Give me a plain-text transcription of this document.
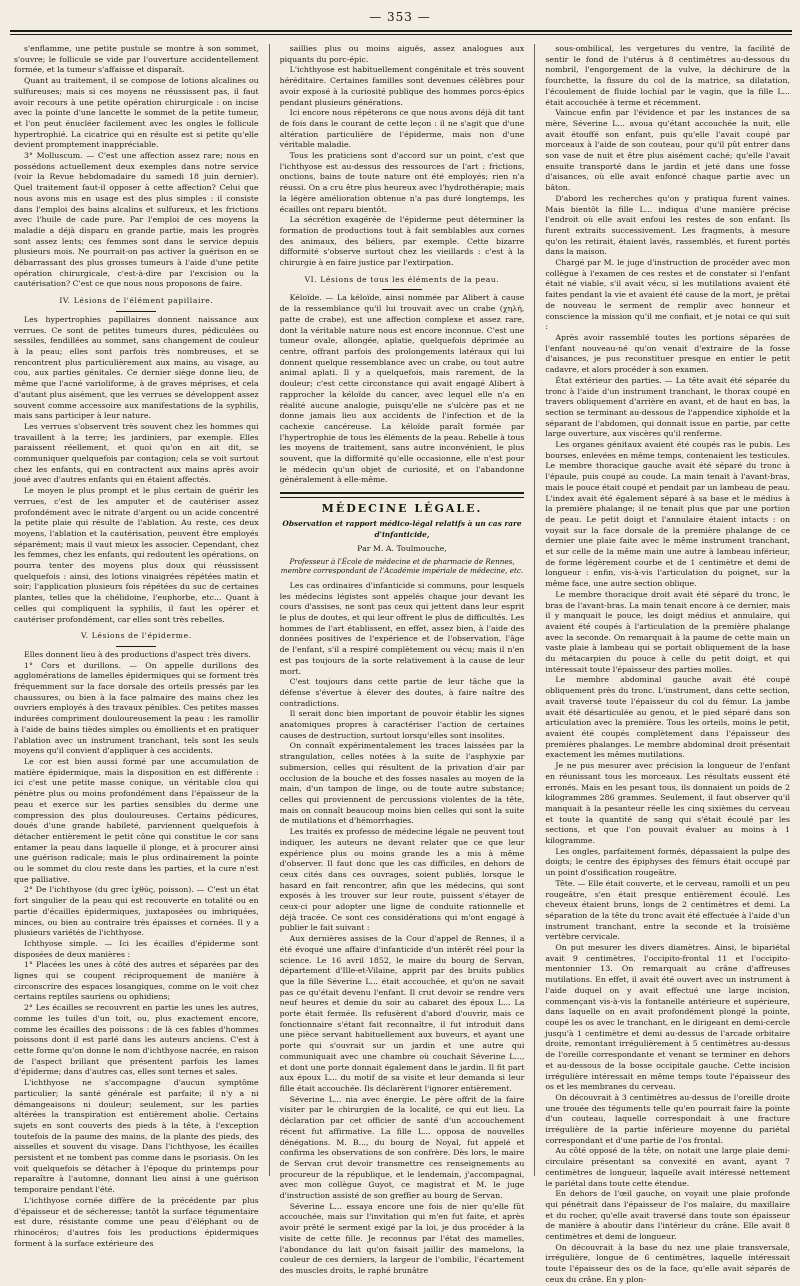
— 353 —

s'enflamme, une petite pustule se montre à son sommet, s'ouvre; le follicule se vide par l'ouverture accidentellement formée, et la tumeur s'affaisse et disparaît.

Quant au traitement, il se compose de lotions alcalines ou sulfureuses; mais si ces moyens ne réussissent pas, il faut avoir recours à une petite opération chirurgicale : on incise avec la pointe d'une lancette le sommet de la petite tumeur, et l'on peut énucléer facilement avec les ongles le follicule hypertrophié. La cicatrice qui en résulte est si petite qu'elle devient promptement inappréciable.

3° Molluscum. — C'est une affection assez rare; nous en possédons actuellement deux exemples dans notre service (voir la Revue hebdomadaire du samedi 18 juin dernier). Quel traitement faut-il opposer à cette affection? Celui que nous avons mis en usage est des plus simples : il consiste dans l'emploi des bains alcalins et sulfureux, et les frictions avec l'huile de cade pure. Par l'emploi de ces moyens la maladie a déjà disparu en grande partie, mais les progrès sont assez lents; ces femmes sont dans le service depuis plusieurs mois. Ne pourrait-on pas activer la guérison en se débarrassant des plus grosses tumeurs à l'aide d'une petite opération chirurgicale, c'est-à-dire par l'excision ou la cautérisation? C'est ce que nous nous proposons de faire.

IV. Lésions de l'élément papillaire.

Les hypertrophies papillaires donnent naissance aux verrues. Ce sont de petites tumeurs dures, pédiculées ou sessiles, fendillées au sommet, sans changement de couleur à la peau; elles sont parfois très nombreuses, et se rencontrent plus particulièrement aux mains, au visage, au cou, aux parties génitales. Ce dernier siège donne lieu, de même que l'acné varioliforme, à de graves méprises, et cela d'autant plus aisément, que les verrues se développent assez souvent comme accessoire aux manifestations de la syphilis, mais sans participer à leur nature.

Les verrues s'observent très souvent chez les hommes qui travaillent à la terre; les jardiniers, par exemple. Elles paraissent réellement, et quoi qu'on en ait dit, se communiquer quelquefois par contagion; cela se voit surtout chez les enfants, qui en contractent aux mains après avoir joué avec d'autres enfants qui en étaient affectés.

Le moyen le plus prompt et le plus certain de guérir les verrues, c'est de les amputer et de cautériser assez profondément avec le nitrate d'argent ou un acide concentré la petite plaie qui résulte de l'ablation. Au reste, ces deux moyens, l'ablation et la cautérisation, peuvent être employés séparément; mais il vaut mieux les associer. Cependant, chez les femmes, chez les enfants, qui redoutent les opérations, on pourra tenter des moyens plus doux qui réussissent quelquefois : ainsi, des lotions vinaigrées répétées matin et soir; l'application plusieurs fois répétées du suc de certaines plantes, telles que la chélidoine, l'euphorbe, etc... Quant à celles qui compliquent la syphilis, il faut les opérer et cautériser profondément, car elles sont très rebelles.

V. Lésions de l'épiderme.

Elles donnent lieu à des productions d'aspect très divers.

1° Cors et durillons. — On appelle durillons des agglomérations de lamelles épidermiques qui se forment très fréquemment sur la face dorsale des orteils pressés par les chaussures, ou bien à la face palmaire des mains chez les ouvriers employés à des travaux pénibles. Ces petites masses indurées compriment douloureusement la peau : les ramollir à l'aide de bains tièdes simples ou émollients et en pratiquer l'ablation avec un instrument tranchant, tels sont les seuls moyens qu'il convient d'appliquer à ces accidents.

Le cor est bien aussi formé par une accumulation de matière épidermique, mais la disposition en est différente : ici c'est une petite masse conique, un véritable clou qui pénètre plus ou moins profondément dans l'épaisseur de la peau et exerce sur les parties sensibles du derme une compression des plus douloureuses. Certains pédicures, doués d'une grande habileté, parviennent quelquefois à détacher entièrement le petit cône qui constitue le cor sans entamer la peau dans laquelle il plonge, et à procurer ainsi une guérison radicale; mais le plus ordinairement la pointe ou le sommet du clou reste dans les parties, et la cure n'est que palliative.

2° De l'ichthyose (du grec ἰχθύς, poisson). — C'est un état fort singulier de la peau qui est recouverte en totalité ou en partie d'écailles épidermiques, juxtaposées ou imbriquées, minces, ou bien au contraire très épaisses et cornées. Il y a plusieurs variétés de l'ichthyose.

Ichthyose simple. — Ici les écailles d'épiderme sont disposées de deux manières :

1° Placées les unes à côté des autres et séparées par des lignes qui se coupent réciproquement de manière à circonscrire des espaces losangiques, comme on le voit chez certains reptiles sauriens ou ophidiens;

2° Les écailles se recouvrent en partie les unes les autres, comme les tuiles d'un toit, ou, plus exactement encore, comme les écailles des poissons : de là ces fables d'hommes poissons dont il est parlé dans les auteurs anciens. C'est à cette forme qu'on donne le nom d'ichthyose nacrée, en raison de l'aspect brillant que présentent parfois les lames d'épiderme; dans d'autres cas, elles sont ternes et sales.

L'ichthyose ne s'accompagne d'aucun symptôme particulier; la santé générale est parfaite; il n'y a ni démangeaisons ni douleur; seulement, sur les parties altérées la transpiration est entièrement abolie. Certains sujets en sont couverts des pieds à la tête, à l'exception toutefois de la paume des mains, de la plante des pieds, des aisselles et souvent du visage. Dans l'ichthyose, les écailles persistent et ne tombent pas comme dans le psoriasis. On les voit quelquefois se détacher à l'époque du printemps pour reparaître à l'automne, donnant lieu ainsi à une guérison temporaire pendant l'été.

L'ichthyose cornée diffère de la précédente par plus d'épaisseur et de sécheresse; tantôt la surface tégumentaire est dure, résistante comme une peau d'éléphant ou de rhinocéros; d'autres fois les productions épidermiques forment à la surface extérieure des

saillies plus ou moins aiguës, assez analogues aux piquants du porc-épic.

L'ichthyose est habituellement congénitale et très souvent héréditaire. Certaines familles sont devenues célèbres pour avoir exposé à la curiosité publique des hommes porcs-épics pendant plusieurs générations.

Ici encore nous répéterons ce que nous avons déjà dit tant de fois dans le courant de cette leçon : il ne s'agit que d'une altération particulière de l'épiderme, mais non d'une véritable maladie.

Tous les praticiens sont d'accord sur un point, c'est que l'ichthyose est au-dessus des ressources de l'art : frictions, onctions, bains de toute nature ont été employés; rien n'a réussi. On a cru être plus heureux avec l'hydrothérapie; mais la légère amélioration obtenue n'a pas duré longtemps, les écailles ont reparu bientôt.

La sécrétion exagérée de l'épiderme peut déterminer la formation de productions tout à fait semblables aux cornes des animaux, des béliers, par exemple. Cette bizarre difformité s'observe surtout chez les vieillards : c'est à la chirurgie à en faire justice par l'extirpation.

VI. Lésions de tous les éléments de la peau.

Kéloïde. — La kéloïde, ainsi nommée par Alibert à cause de la ressemblance qu'il lui trouvait avec un crabe (χηλή, patte de crabe), est une affection complexe et assez rare, dont la véritable nature nous est encore inconnue. C'est une tumeur ovale, allongée, aplatie, quelquefois déprimée au centre, offrant parfois des prolongements latéraux qui lui donnent quelque ressemblance avec un crabe, ou tout autre animal aplati. Il y a quelquefois, mais rarement, de la douleur; c'est cette circonstance qui avait engagé Alibert à rapprocher la kéloïde du cancer, avec lequel elle n'a en réalité aucune analogie, puisqu'elle ne s'ulcère pas et ne donne jamais lieu aux accidents de l'infection et de la cachexie cancéreuse. La kéloïde paraît formée par l'hypertrophie de tous les éléments de la peau. Rebelle à tous les moyens de traitement, sans autre inconvénient, le plus souvent, que la difformité qu'elle occasionne, elle n'est pour le médecin qu'un objet de curiosité, et on l'abandonne généralement à elle-même.

MÉDECINE LÉGALE.
Observation et rapport médico-légal relatifs à un cas rare d'infanticide,
Par M. A. Toulmouche,
Professeur à l'École de médecine et de pharmacie de Rennes, membre correspondant de l'Académie impériale de médecine, etc.

Les cas ordinaires d'infanticide si communs, pour lesquels les médecins légistes sont appelés chaque jour devant les cours d'assises, ne sont pas ceux qui jettent dans leur esprit le plus de doutes, et qui leur offrent le plus de difficultés. Les hommes de l'art établissent, en effet, assez bien, à l'aide des données positives de l'expérience et de l'observation, l'âge de l'enfant, s'il a respiré complètement ou vécu; mais il n'en est pas toujours de la sorte relativement à la cause de leur mort.

C'est toujours dans cette partie de leur tâche que la défense s'évertue à élever des doutes, à faire naître des contradictions.

Il serait donc bien important de pouvoir établir les signes anatomiques propres à caractériser l'action de certaines causes de destruction, surtout lorsqu'elles sont insolites.

On connaît expérimentalement les traces laissées par la strangulation, celles notées à la suite de l'asphyxie par submersion, celles qui résultent de la privation d'air par occlusion de la bouche et des fosses nasales au moyen de la main, d'un tampon de linge, ou de toute autre substance; celles qui proviennent de percussions violentes de la tête, mais on connaît beaucoup moins bien celles qui sont la suite de mutilations et d'hémorrhagies.

Les traités ex professo de médecine légale ne peuvent tout indiquer, les auteurs ne devant relater que ce que leur expérience plus ou moins grande les a mis à même d'observer. Il faut donc que les cas difficiles, en dehors de ceux cités dans ces ouvrages, soient publiés, lorsque le hasard en fait rencontrer, afin que les médecins, qui sont exposés à les trouver sur leur route, puissent s'étayer de ceux-ci pour adopter une ligne de conduite rationnelle et déjà tracée. Ce sont ces considérations qui m'ont engagé à publier le fait suivant :

Aux dernières assises de la Cour d'appel de Rennes, il a été évoqué une affaire d'infanticide d'un intérêt réel pour la science. Le 16 avril 1852, le maire du bourg de Servan, département d'Ille-et-Vilaine, apprit par des bruits publics que la fille Séverine L... était accouchée, et qu'on ne savait pas ce qu'était devenu l'enfant. Il crut devoir se rendre vers neuf heures et demie du soir au cabaret des époux L... La porte était fermée. Ils refusèrent d'abord d'ouvrir, mais ce fonctionnaire s'étant fait reconnaître, il fut introduit dans une pièce servant habituellement aux buveurs, et ayant une porte qui s'ouvrait sur un jardin et une autre qui communiquait avec une chambre où couchait Séverine L..., et dont une porte donnait également dans le jardin. Il fit part aux époux L... du motif de sa visite et leur demanda si leur fille était accouchée. Ils déclarèrent l'ignorer entièrement.

Séverine L... nia avec énergie. Le père offrit de la faire visiter par le chirurgien de la localité, ce qui eut lieu. La déclaration par cet officier de santé d'un accouchement récent fut affirmative. La fille L... opposa de nouvelles dénégations. M. B..., du bourg de Noyal, fut appelé et confirma les observations de son confrère. Dès lors, le maire de Servan crut devoir transmettre ces renseignements au procureur de la république, et le lendemain, j'accompagnai, avec mon collègue Guyot, ce magistrat et M. le juge d'instruction assisté de son greffier au bourg de Servan.

Séverine L... essaya encore une fois de nier qu'elle fût accouchée, mais sur l'invitation qui m'en fut faite, et après avoir prêté le serment exigé par la loi, je dus procéder à la visite de cette fille. Je reconnus par l'état des mamelles, l'abondance du lait qu'on faisait jaillir des mamelons, la couleur de ces derniers, la largeur de l'ombilic, l'écartement des muscles droits, le raphé brunâtre

sous-ombilical, les vergetures du ventre, la facilité de sentir le fond de l'utérus à 8 centimètres au-dessous du nombril, l'engorgement de la vulve, la déchirure de la fourchette, la fissure du col de la matrice, sa dilatation, l'écoulement de fluide lochial par le vagin, que la fille L... était accouchée à terme et récemment.

Vaincue enfin par l'évidence et par les instances de sa mère, Séverine L... avoua qu'étant accouchée la nuit, elle avait étouffé son enfant, puis qu'elle l'avait coupé par morceaux à l'aide de son couteau, pour qu'il pût entrer dans son vase de nuit et être plus aisément caché; qu'elle l'avait ensuite transporté dans le jardin et jeté dans une fosse d'aisances, où elle avait enfoncé chaque partie avec un bâton.

D'abord les recherches qu'on y pratiqua furent vaines. Mais bientôt la fille L... indiqua d'une manière précise l'endroit où elle avait enfoui les restes de son enfant. Ils furent extraits successivement. Les fragments, à mesure qu'on les retirait, étaient lavés, rassemblés, et furent portés dans la maison.

Chargé par M. le juge d'instruction de procéder avec mon collègue à l'examen de ces restes et de constater si l'enfant était né viable, s'il avait vécu, si les mutilations avaient été faites pendant la vie et avaient été cause de la mort, je prêtai de nouveau le serment de remplir avec honneur et conscience la mission qu'il me confiait, et je notai ce qui suit :

Après avoir rassemblé toutes les portions séparées de l'enfant nouveau-né qu'on venait d'extraire de la fosse d'aisances, je pus reconstituer presque en entier le petit cadavre, et alors procéder à son examen.

État extérieur des parties. — La tête avait été séparée du tronc à l'aide d'un instrument tranchant, le thorax coupé en travers obliquement d'arrière en avant, et de haut en bas, la section se terminant au-dessous de l'appendice xiphoïde et la séparant de l'abdomen, qui donnait issue en partie, par cette large ouverture, aux viscères qu'il renferme.

Les organes génitaux avaient été coupés ras le pubis. Les bourses, enlevées en même temps, contenaient les testicules. Le membre thoracique gauche avait été séparé du tronc à l'épaule, puis coupé au coude. La main tenait à l'avant-bras, mais le pouce était coupé et pendait par un lambeau de peau. L'index avait été également séparé à sa base et le médius à la première phalange; il ne tenait plus que par une portion de peau. Le petit doigt et l'annulaire étaient intacts : on voyait sur la face dorsale de la première phalange de ce dernier une plaie faite avec le même instrument tranchant, et sur celle de la même main une autre à lambeau inférieur, de forme légèrement courbe et de 1 centimètre et demi de longueur : enfin, vis-à-vis l'articulation du poignet, sur la même face, une autre section oblique.

Le membre thoracique droit avait été séparé du tronc, le bras de l'avant-bras. La main tenait encore à ce dernier, mais il y manquait le pouce, les doigt médius et annulaire, qui avaient été coupés à l'articulation de la première phalange avec la seconde. On remarquait à la paume de cette main un vaste plaie à lambeau qui se portait obliquement de la base du métacarpien du pouce à celle du petit doigt, et qui intéressait toute l'épaisseur des parties molles.

Le membre abdominal gauche avait été coupé obliquement près du tronc. L'instrument, dans cette section, avait traversé toute l'épaisseur du col du fémur. La jambe avait été désarticulée au genou, et le pied séparé dans son articulation avec la première. Tous les orteils, moins le petit, avaient été coupés complètement dans l'épaisseur des premières phalanges. Le membre abdominal droit présentait exactement les mêmes mutilations.

Je ne pus mesurer avec précision la longueur de l'enfant en réunissant tous les morceaux. Les résultats eussent été erronés. Mais en les pesant tous, ils donnaient un poids de 2 kilogrammes 286 grammes. Seulement, il faut observer qu'il manquait à la pesanteur réelle les cinq sixièmes du cerveau et toute la quantité de sang qui s'était écoulé par les sections, et que l'on pouvait évaluer au moins à 1 kilogramme.

Les ongles, parfaitement formés, dépassaient la pulpe des doigts; le centre des épiphyses des fémurs était occupé par un point d'ossification rougeâtre.

Tête. — Elle était couverte, et le cerveau, ramolli et un peu rougeâtre, s'en était presque entièrement écoulé. Les cheveux étaient bruns, longs de 2 centimètres et demi. La séparation de la tête du tronc avait été effectuée à l'aide d'un instrument tranchant, entre la seconde et la troisième vertèbre cervicale.

On put mesurer les divers diamètres. Ainsi, le bipariétal avait 9 centimètres, l'occipito-frontal 11 et l'occipito-mentonnier 13. On remarquait au crâne d'affreuses mutilations. En effet, il avait été ouvert avec un instrument à l'aide duquel on y avait effectué une large incision, commençant vis-à-vis la fontanelle antérieure et supérieure, dans laquelle on en avait profondément plongé la pointe, coupé les os avec le tranchant, en le dirigeant en demi-cercle jusqu'à 1 centimètre et demi au-dessus de l'arcade orbitaire droite, remontant irrégulièrement à 5 centimètres au-dessus de l'oreille correspondante et venant se terminer en dehors et au-dessous de la bosse occipitale gauche. Cette incision irrégulière intéressait en même temps toute l'épaisseur des os et les membranes du cerveau.

On découvrait à 3 centimètres au-dessus de l'oreille droite une trouée des téguments telle qu'en pourrait faire la pointe d'un couteau, laquelle correspondait à une fracture irrégulière de la partie inférieure moyenne du pariétal correspondant et d'une partie de l'os frontal.

Au côté opposé de la tête, on notait une large plaie demi-circulaire présentant sa convexité en avant, ayant 7 centimètres de longueur, laquelle avait intéressé nettement le pariétal dans toute cette étendue.

En dehors de l'œil gauche, on voyait une plaie profonde qui pénétrait dans l'épaisseur de l'os malaire, du maxillaire et du rocher, qu'elle avait traversé dans toute son épaisseur de manière à aboutir dans l'intérieur du crâne. Elle avait 8 centimètres et demi de longueur.

On découvrait à la base du nez une plaie transversale, irrégulière, longue de 6 centimètres, laquelle intéressait toute l'épaisseur des os de la face, qu'elle avait séparés de ceux du crâne. En y plon-
